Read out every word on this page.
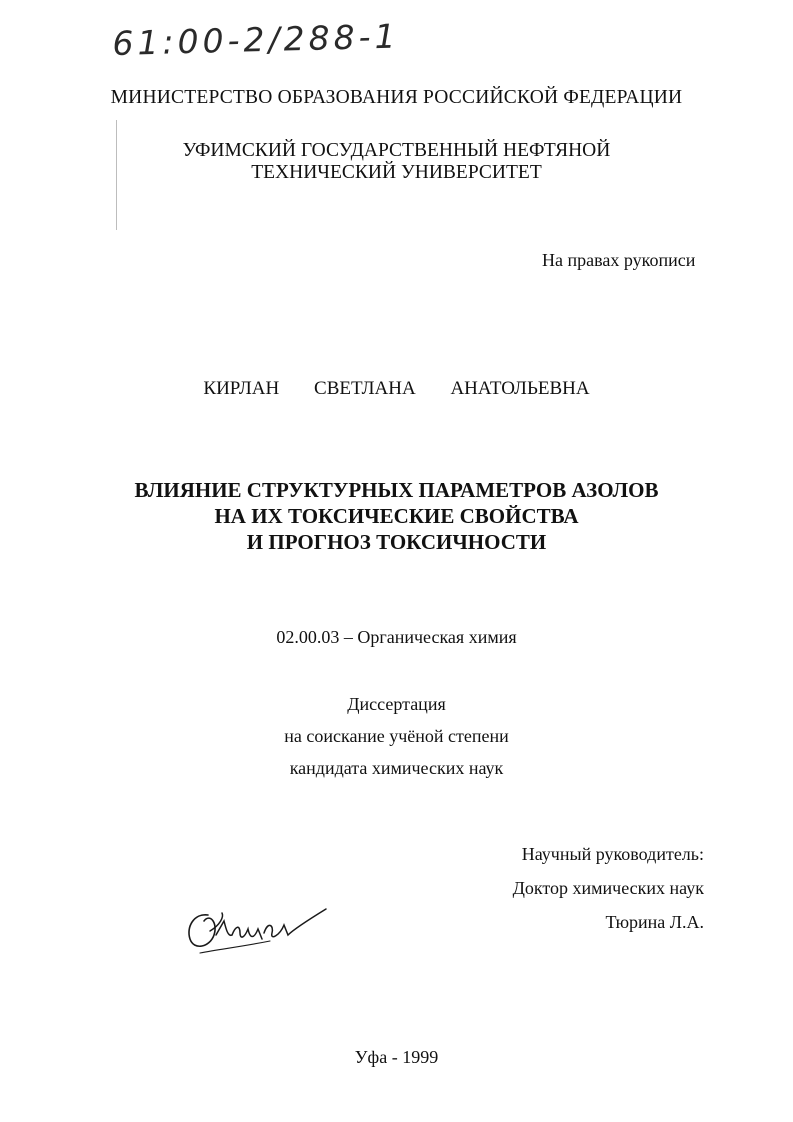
61:00-2/288-1

МИНИСТЕРСТВО ОБРАЗОВАНИЯ РОССИЙСКОЙ ФЕДЕРАЦИИ

УФИМСКИЙ ГОСУДАРСТВЕННЫЙ НЕФТЯНОЙ
ТЕХНИЧЕСКИЙ УНИВЕРСИТЕТ

На правах рукописи

КИРЛАН СВЕТЛАНА АНАТОЛЬЕВНА

ВЛИЯНИЕ СТРУКТУРНЫХ ПАРАМЕТРОВ АЗОЛОВ
НА ИХ ТОКСИЧЕСКИЕ СВОЙСТВА
И ПРОГНОЗ ТОКСИЧНОСТИ

02.00.03 – Органическая химия

Диссертация
на соискание учёной степени
кандидата химических наук

Научный руководитель:
Доктор химических наук
Тюрина Л.А.

Уфа - 1999
